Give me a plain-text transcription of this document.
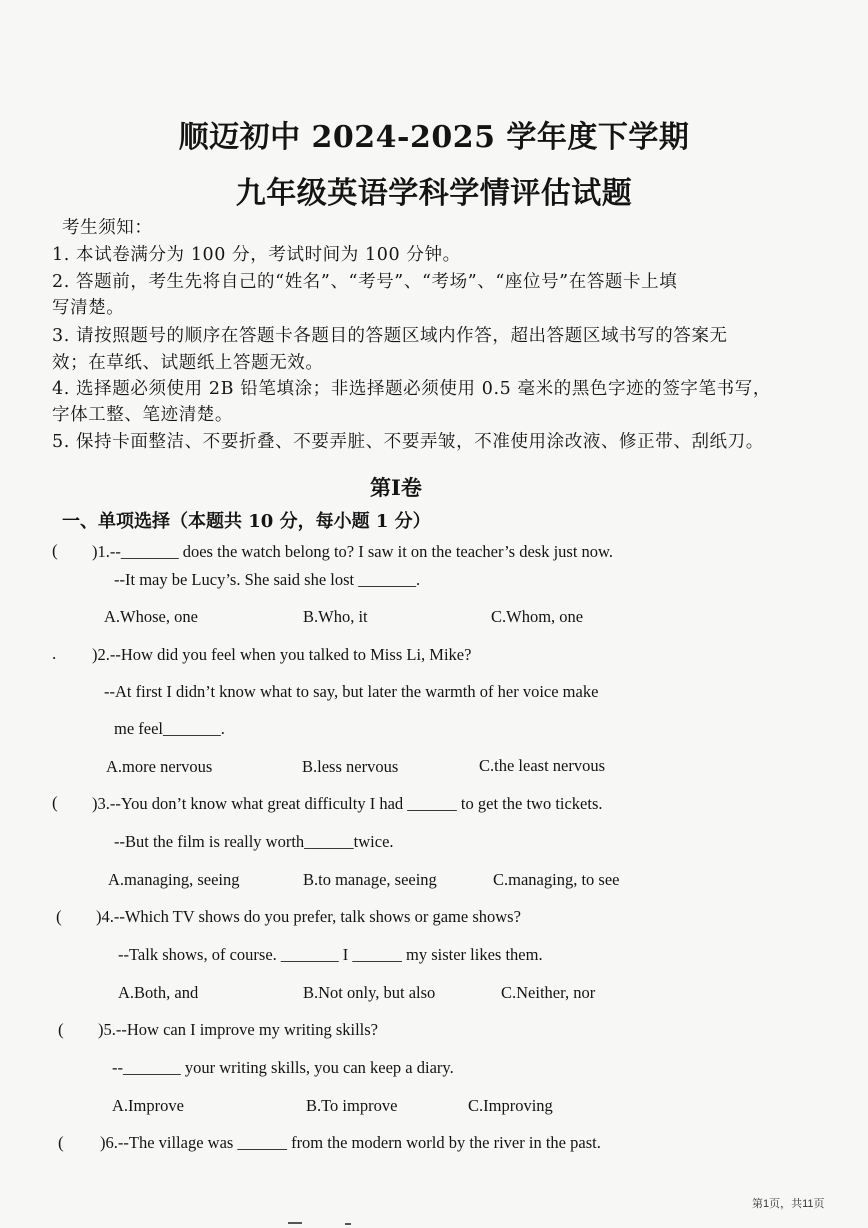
顺迈初中 2024-2025 学年度下学期
九年级英语学科学情评估试题
考生须知：
1. 本试卷满分为 100 分，考试时间为 100 分钟。
2. 答题前，考生先将自己的“姓名”、“考号”、“考场”、“座位号”在答题卡上填
写清楚。
3. 请按照题号的顺序在答题卡各题目的答题区域内作答，超出答题区域书写的答案无
效；在草纸、试题纸上答题无效。
4. 选择题必须使用 2B 铅笔填涂；非选择题必须使用 0.5 毫米的黑色字迹的签字笔书写，
字体工整、笔迹清楚。
5. 保持卡面整洁、不要折叠、不要弄脏、不要弄皱，不准使用涂改液、修正带、刮纸刀。
第I卷
一、单项选择（本题共 10 分，每小题 1 分）
( )1.--_______ does the watch belong to? I saw it on the teacher’s desk just now.
--It may be Lucy’s. She said she lost _______.
A.Whose, one	B.Who, it	C.Whom, one
. )2.--How did you feel when you talked to Miss Li, Mike?
--At first I didn’t know what to say, but later the warmth of her voice make
me feel_______.
A.more nervous	B.less nervous	C.the least nervous
( )3.--You don’t know what great difficulty I had ______ to get the two tickets.
--But the film is really worth______twice.
A.managing, seeing	B.to manage, seeing	C.managing, to see
( )4.--Which TV shows do you prefer, talk shows or game shows?
--Talk shows, of course. _______ I ______ my sister likes them.
A.Both, and	B.Not only, but also	C.Neither, nor
( )5.--How can I improve my writing skills?
--_______ your writing skills, you can keep a diary.
A.Improve	B.To improve	C.Improving
( )6.--The village was ______ from the modern world by the river in the past.
第1页，共11页
